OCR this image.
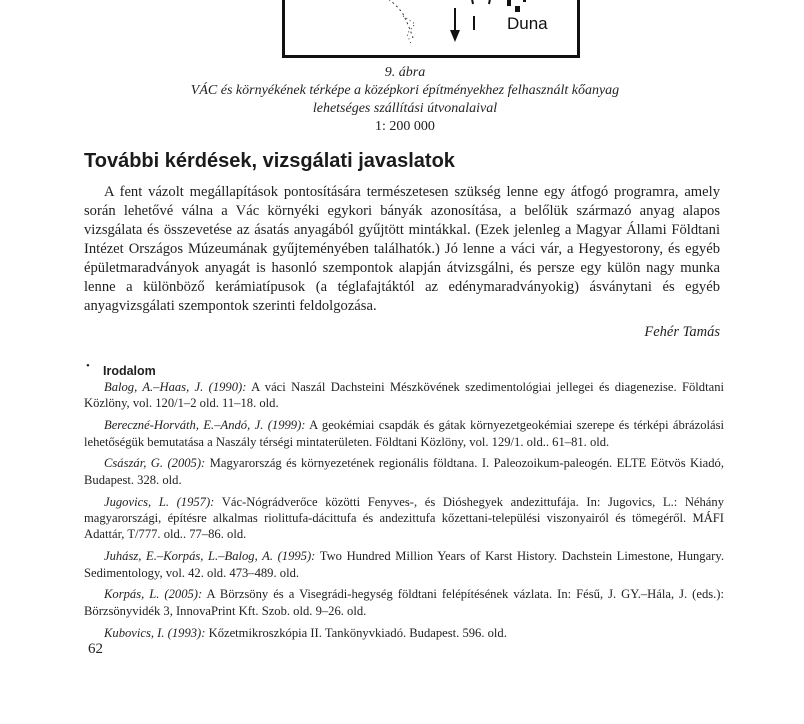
Duna
9. ábra
VÁC és környékének térképe a középkori építményekhez felhasznált kőanyag
lehetséges szállítási útvonalaival
1: 200 000
További kérdések, vizsgálati javaslatok

A fent vázolt megállapítások pontosítására természetesen szükség lenne egy átfogó programra, amely során lehetővé válna a Vác környéki egykori bányák azonosítása, a belőlük származó anyag alapos vizsgálata és összevetése az ásatás anyagából gyűjtött mintákkal. (Ezek jelenleg a Magyar Állami Földtani Intézet Országos Múzeumának gyűjteményében találhatók.) Jó lenne a váci vár, a Hegyestorony, és egyéb épületmaradványok anyagát is hasonló szempontok alapján átvizsgálni, és persze egy külön nagy munka lenne a különböző kerámiatípusok (a téglafajtáktól az edénymaradványokig) ásványtani és egyéb anyagvizsgálati szempontok szerinti feldolgozása.

Fehér Tamás
• Irodalom
Balog, A.–Haas, J. (1990): A váci Naszál Dachsteini Mészkövének szedimentológiai jellegei és diagenezise. Földtani Közlöny, vol. 120/1–2 old. 11–18. old.
Bereczné-Horváth, E.–Andó, J. (1999): A geokémiai csapdák és gátak környezetgeokémiai szerepe és térképi ábrázolási lehetőségük bemutatása a Naszály térségi mintaterületen. Földtani Közlöny, vol. 129/1. old.. 61–81. old.
Császár, G. (2005): Magyarország és környezetének regionális földtana. I. Paleozoikum-paleogén. ELTE Eötvös Kiadó, Budapest. 328. old.
Jugovics, L. (1957): Vác-Nógrádverőce közötti Fenyves-, és Dióshegyek andezittufája. In: Jugovics, L.: Néhány magyarországi, építésre alkalmas riolittufa-dácittufa és andezittufa kőzettani-települési viszonyairól és tömegéről. MÁFI Adattár, T/777. old.. 77–86. old.
Juhász, E.–Korpás, L.–Balog, A. (1995): Two Hundred Million Years of Karst History. Dachstein Limestone, Hungary. Sedimentology, vol. 42. old. 473–489. old.
Korpás, L. (2005): A Börzsöny és a Visegrádi-hegység földtani felépítésének vázlata. In: Fésű, J. GY.–Hála, J. (eds.): Börzsönyvidék 3, InnovaPrint Kft. Szob. old. 9–26. old.
Kubovics, I. (1993): Kőzetmikroszkópia II. Tankönyvkiadó. Budapest. 596. old.
62
